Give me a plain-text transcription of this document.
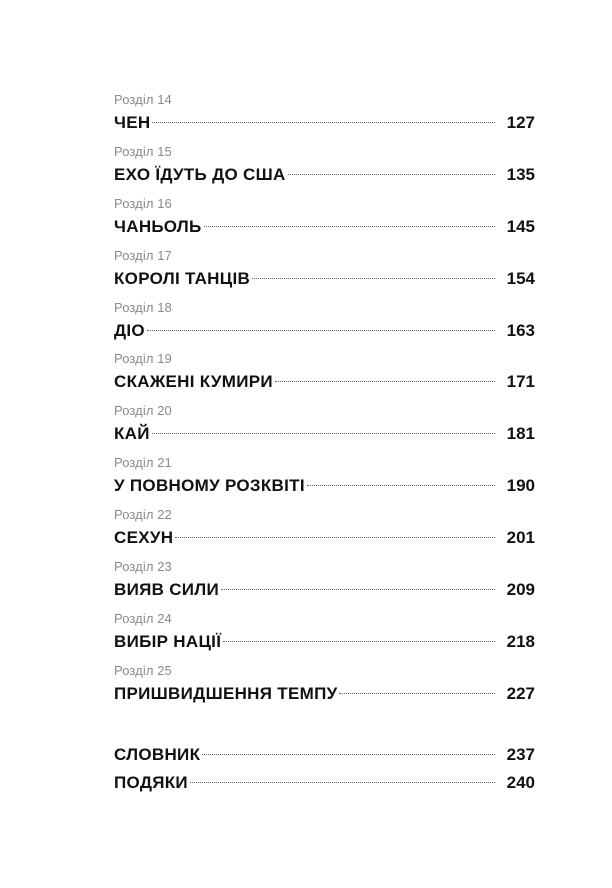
Розділ 14
ЧЕН	127
Розділ 15
ЕХО ЇДУТЬ ДО США	135
Розділ 16
ЧАНЬОЛЬ	145
Розділ 17
КОРОЛІ ТАНЦІВ	154
Розділ 18
ДІО	163
Розділ 19
СКАЖЕНІ КУМИРИ	171
Розділ 20
КАЙ	181
Розділ 21
У ПОВНОМУ РОЗКВІТІ	190
Розділ 22
СЕХУН	201
Розділ 23
ВИЯВ СИЛИ	209
Розділ 24
ВИБІР НАЦІЇ	218
Розділ 25
ПРИШВИДШЕННЯ ТЕМПУ	227
СЛОВНИК	237
ПОДЯКИ	240
